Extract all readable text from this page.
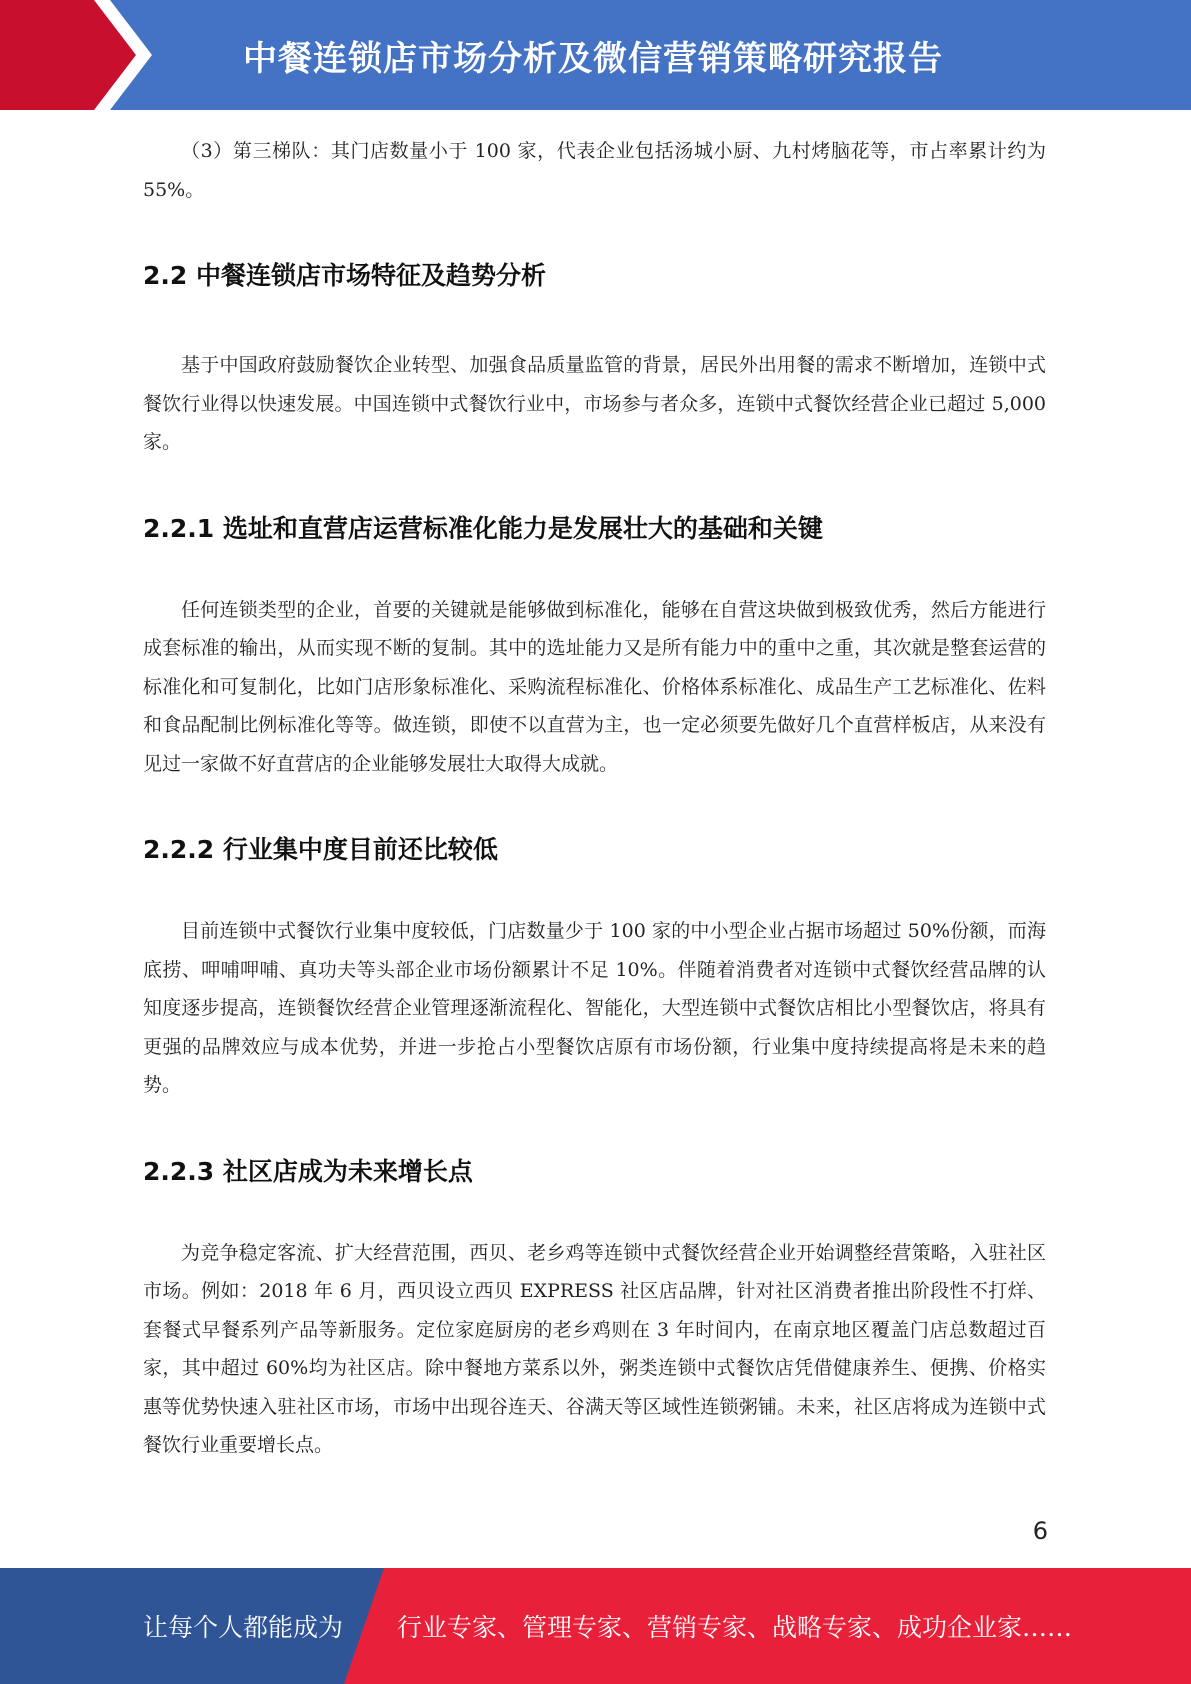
中餐连锁店市场分析及微信营销策略研究报告

（3）第三梯队：其门店数量小于 100 家，代表企业包括汤城小厨、九村烤脑花等，市占率累计约为 55%。

2.2 中餐连锁店市场特征及趋势分析

基于中国政府鼓励餐饮企业转型、加强食品质量监管的背景，居民外出用餐的需求不断增加，连锁中式餐饮行业得以快速发展。中国连锁中式餐饮行业中，市场参与者众多，连锁中式餐饮经营企业已超过 5,000 家。

2.2.1 选址和直营店运营标准化能力是发展壮大的基础和关键

任何连锁类型的企业，首要的关键就是能够做到标准化，能够在自营这块做到极致优秀，然后方能进行成套标准的输出，从而实现不断的复制。其中的选址能力又是所有能力中的重中之重，其次就是整套运营的标准化和可复制化，比如门店形象标准化、采购流程标准化、价格体系标准化、成品生产工艺标准化、佐料和食品配制比例标准化等等。做连锁，即使不以直营为主，也一定必须要先做好几个直营样板店，从来没有见过一家做不好直营店的企业能够发展壮大取得大成就。

2.2.2 行业集中度目前还比较低

目前连锁中式餐饮行业集中度较低，门店数量少于 100 家的中小型企业占据市场超过 50%份额，而海底捞、呷哺呷哺、真功夫等头部企业市场份额累计不足 10%。伴随着消费者对连锁中式餐饮经营品牌的认知度逐步提高，连锁餐饮经营企业管理逐渐流程化、智能化，大型连锁中式餐饮店相比小型餐饮店，将具有更强的品牌效应与成本优势，并进一步抢占小型餐饮店原有市场份额，行业集中度持续提高将是未来的趋势。

2.2.3 社区店成为未来增长点

为竞争稳定客流、扩大经营范围，西贝、老乡鸡等连锁中式餐饮经营企业开始调整经营策略，入驻社区市场。例如：2018 年 6 月，西贝设立西贝 EXPRESS 社区店品牌，针对社区消费者推出阶段性不打烊、套餐式早餐系列产品等新服务。定位家庭厨房的老乡鸡则在 3 年时间内，在南京地区覆盖门店总数超过百家，其中超过 60%均为社区店。除中餐地方菜系以外，粥类连锁中式餐饮店凭借健康养生、便携、价格实惠等优势快速入驻社区市场，市场中出现谷连天、谷满天等区域性连锁粥铺。未来，社区店将成为连锁中式餐饮行业重要增长点。

6
让每个人都能成为 行业专家、管理专家、营销专家、战略专家、成功企业家……
